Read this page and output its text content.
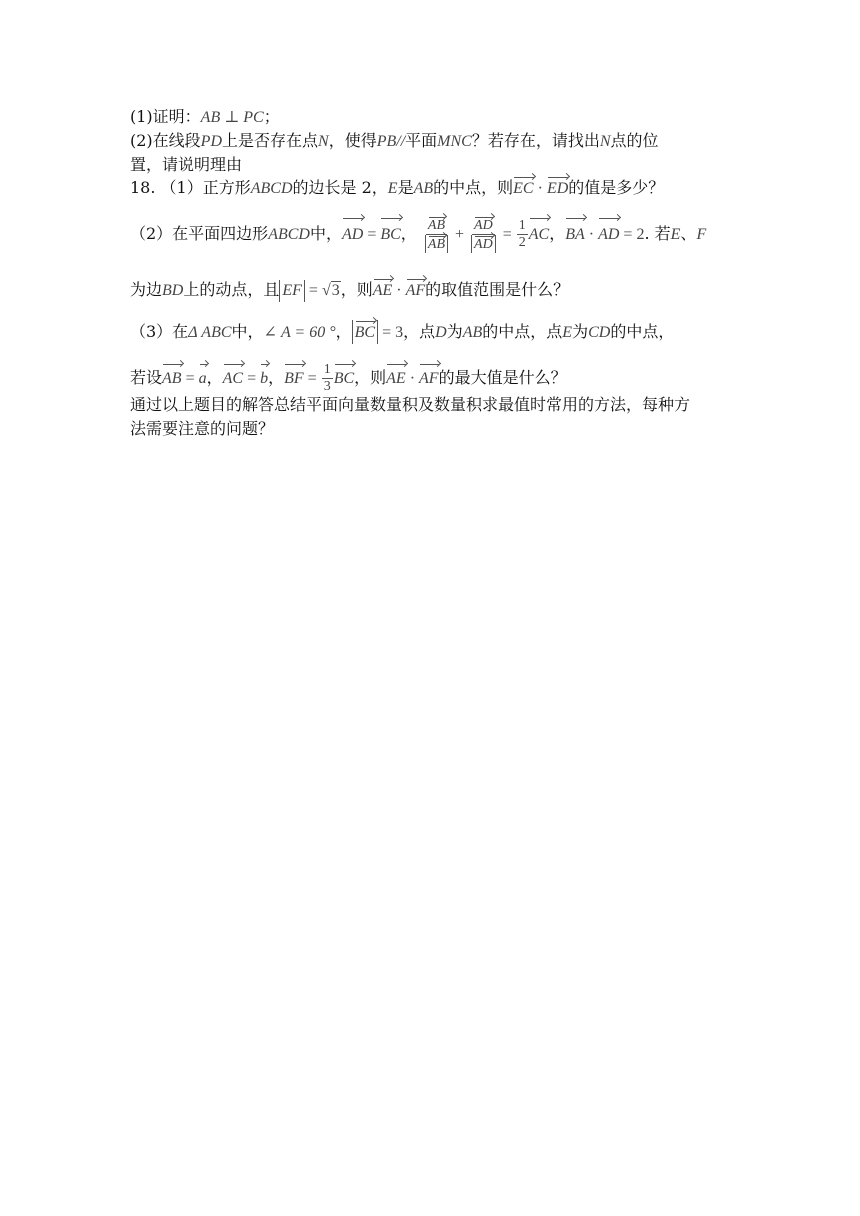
(1)证明：AB ⊥ PC；
(2)在线段PD上是否存在点N，使得PB//平面MNC？若存在，请找出N点的位
置，请说明理由
18. （1）正方形ABCD的边长是 2，E是AB的中点，则EC · ED的值是多少？
（2）在平面四边形ABCD中，AD = BC， $\frac{AB}{AB} + \frac{AD}{AD} = \frac{1}{2}$ AC，BA · AD = 2. 若E、F
为边BD上的动点，且 EF = √3，则AE · AF的取值范围是什么？
（3）在Δ ABC中，∠ A = 60 °， BC = 3，点D为AB的中点，点E为CD的中点，
若设AB = a，AC = b，BF = $\frac{1}{3}$ BC，则AE · AF的最大值是什么？
通过以上题目的解答总结平面向量数量积及数量积求最值时常用的方法，每种方
法需要注意的问题？
